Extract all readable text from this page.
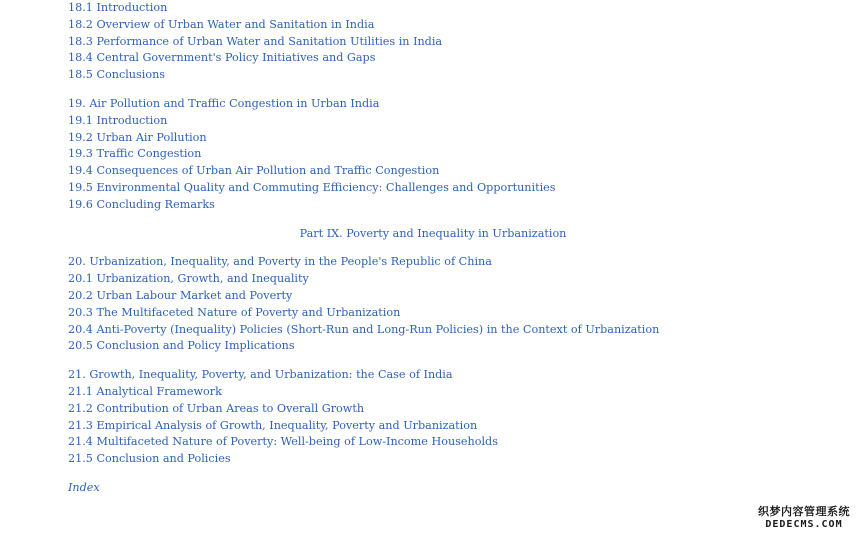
18.1 Introduction
18.2 Overview of Urban Water and Sanitation in India
18.3 Performance of Urban Water and Sanitation Utilities in India
18.4 Central Government's Policy Initiatives and Gaps
18.5 Conclusions
19. Air Pollution and Traffic Congestion in Urban India
19.1 Introduction
19.2 Urban Air Pollution
19.3 Traffic Congestion
19.4 Consequences of Urban Air Pollution and Traffic Congestion
19.5 Environmental Quality and Commuting Efficiency: Challenges and Opportunities
19.6 Concluding Remarks
Part IX. Poverty and Inequality in Urbanization
20. Urbanization, Inequality, and Poverty in the People's Republic of China
20.1 Urbanization, Growth, and Inequality
20.2 Urban Labour Market and Poverty
20.3 The Multifaceted Nature of Poverty and Urbanization
20.4 Anti-Poverty (Inequality) Policies (Short-Run and Long-Run Policies) in the Context of Urbanization
20.5 Conclusion and Policy Implications
21. Growth, Inequality, Poverty, and Urbanization: the Case of India
21.1 Analytical Framework
21.2 Contribution of Urban Areas to Overall Growth
21.3 Empirical Analysis of Growth, Inequality, Poverty and Urbanization
21.4 Multifaceted Nature of Poverty: Well-being of Low-Income Households
21.5 Conclusion and Policies
Index
织梦内容管理系统
DEDECMS.COM
